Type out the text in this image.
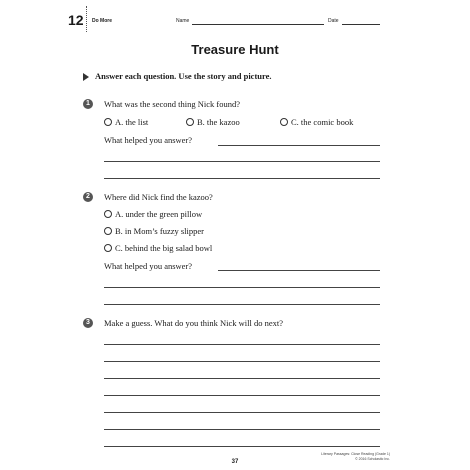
12 Do More	Name	Date
Treasure Hunt
Answer each question. Use the story and picture.
1	What was the second thing Nick found?
A. the list	B. the kazoo	C. the comic book
What helped you answer?
2	Where did Nick find the kazoo?
A. under the green pillow
B. in Mom’s fuzzy slipper
C. behind the big salad bowl
What helped you answer?
3	Make a guess. What do you think Nick will do next?
Literary Passages: Close Reading (Grade 1)
© 2016 Scholastic Inc.
37
